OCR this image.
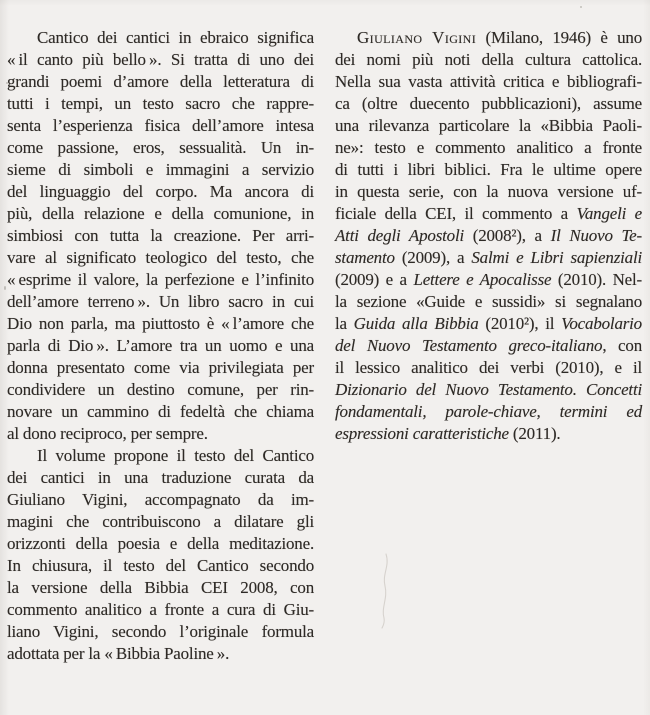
Cantico dei cantici in ebraico significa
« il canto più bello ». Si tratta di uno dei
grandi poemi d’amore della letteratura di
tutti i tempi, un testo sacro che rappre-
senta l’esperienza fisica dell’amore intesa
come passione, eros, sessualità. Un in-
sieme di simboli e immagini a servizio
del linguaggio del corpo. Ma ancora di
più, della relazione e della comunione, in
simbiosi con tutta la creazione. Per arri-
vare al significato teologico del testo, che
« esprime il valore, la perfezione e l’infinito
dell’amore terreno ». Un libro sacro in cui
Dio non parla, ma piuttosto è « l’amore che
parla di Dio ». L’amore tra un uomo e una
donna presentato come via privilegiata per
condividere un destino comune, per rin-
novare un cammino di fedeltà che chiama
al dono reciproco, per sempre.
Il volume propone il testo del Cantico
dei cantici in una traduzione curata da
Giuliano Vigini, accompagnato da im-
magini che contribuiscono a dilatare gli
orizzonti della poesia e della meditazione.
In chiusura, il testo del Cantico secondo
la versione della Bibbia CEI 2008, con
commento analitico a fronte a cura di Giu-
liano Vigini, secondo l’originale formula
adottata per la « Bibbia Paoline ».
Giuliano Vigini (Milano, 1946) è uno
dei nomi più noti della cultura cattolica.
Nella sua vasta attività critica e bibliografi-
ca (oltre duecento pubblicazioni), assume
una rilevanza particolare la «Bibbia Paoli-
ne»: testo e commento analitico a fronte
di tutti i libri biblici. Fra le ultime opere
in questa serie, con la nuova versione uf-
ficiale della CEI, il commento a Vangeli e
Atti degli Apostoli (2008²), a Il Nuovo Te-
stamento (2009), a Salmi e Libri sapienziali
(2009) e a Lettere e Apocalisse (2010). Nel-
la sezione «Guide e sussidi» si segnalano
la Guida alla Bibbia (2010²), il Vocabolario
del Nuovo Testamento greco-italiano, con
il lessico analitico dei verbi (2010), e il
Dizionario del Nuovo Testamento. Concetti
fondamentali, parole-chiave, termini ed
espressioni caratteristiche (2011).
